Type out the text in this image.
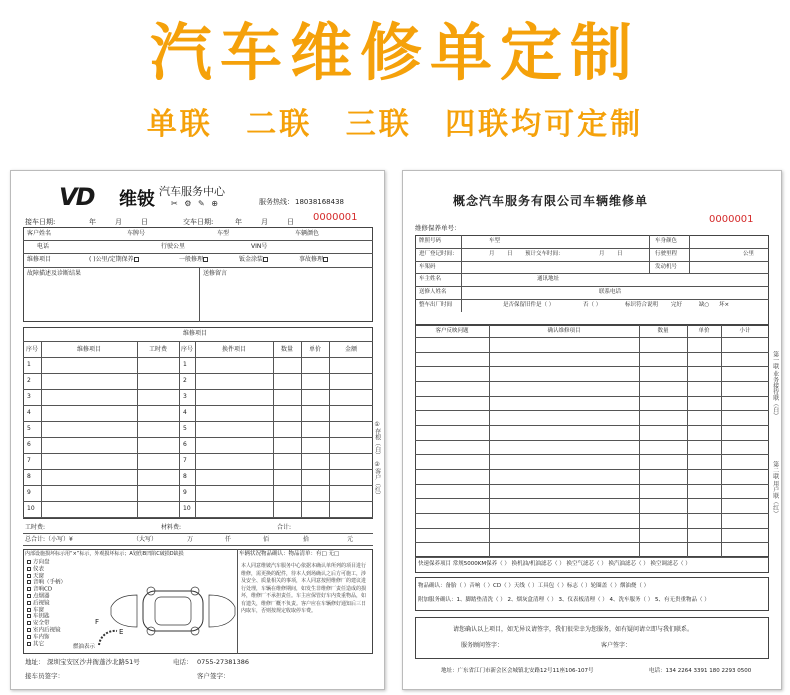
汽车维修单定制
单联 二联 三联 四联均可定制
VD 维铍 汽车服务中心
✂ ⚙ ✎ ⊕	服务热线： 18038168438
0000001
接车日期:	年	月	日	交车日期:	年	月	日
客户姓名	车牌号	车型	车辆颜色
电话	行驶公里	VIN号
维修项目	( )公里/定期保养	一般修理	钣金涂装	事故修理
故障描述及诊断结果	送修留言
维修项目
序号	维修项目	工时费	序号	换件项目	数量	单价	金额
1	1
2	2
3	3
4	4
5	5
6	6
7	7
8	8
9	9
10	10
工时费:	材料费:	合计:
总合计:（小写）¥	（大写）	万	仟	佰	拾	元
内部设施损坏标示用“×”标示，外观损坏标示；A划伤B凹陷C破损D缺损	车辆状况物品确认：物品清单：有□ 无□
方向盘
仪表
天窗
音响（手柄）
音响CD
点烟器
后视镜
车窗
车钥匙
安全带
室内后视镜
车内饰
其它
F
E
燃油表示
本人同意维铍汽车服务中心依据本确认单所列的项目进行维修，需更换的配件，待本人到场确认之后方可施工，涉及安全、质量相关的事项，本人同意按照维修厂的建议进行处理，车辆在维修期间，如发生非维修厂责任造成的损坏，维修厂不承担责任。车主应保管好车内贵重物品，如有遗失，维修厂概不负责。客户应在车辆修好通知后三日内取车，否则按规定收取停车费。
地址： 深圳宝安区沙井衙蓬沙北路51号	电话： 0755-27381386
接车员签字：	客户签字：
①存根（白）
②客户（红）
概念汽车服务有限公司车辆维修单
维修保养单号：
0000001
牌照号码	车型	车身颜色
进厂登记时间：	月 日 预计交车时间：	月 日	行驶里程	公里
车架码	发动机号
车主姓名	通讯地址
送修人姓名	联系电话
整车出厂时间	是否保留旧件是（ ）	否（ ）	标识符合说明 完好	缺○ 坏×
客户反映问题	确认维修项目	数量	单价	小计
快速保养项目 常规5000KM保养（ ） 换机油/机油滤芯（ ） 换空气滤芯（ ） 换汽油滤芯（ ） 换空调滤芯（ ）
物品确认：备胎（ ）音响（ ）CD（ ）天线（ ）工具包（ ）标志（ ）轮圈盖（ ）烟油烧（ ）
附加服务确认：1、脚踏垫清洗（ ） 2、烟灰盒清理（ ） 3、仪表板清理（ ） 4、洗车服务（ ） 5、有无贵重物品（ ）
请您确认以上项目，如无异议请签字，我们很荣幸为您服务，如有疑问请立即与我们联系。
服务顾问签字：	客户签字：
地址：广东省江门市新会区会城镇北安路12号11座106-107号	电话：134 2264 3391 180 2293 0500
第一联 业务接待联（白）
第二联 用户联（红）
